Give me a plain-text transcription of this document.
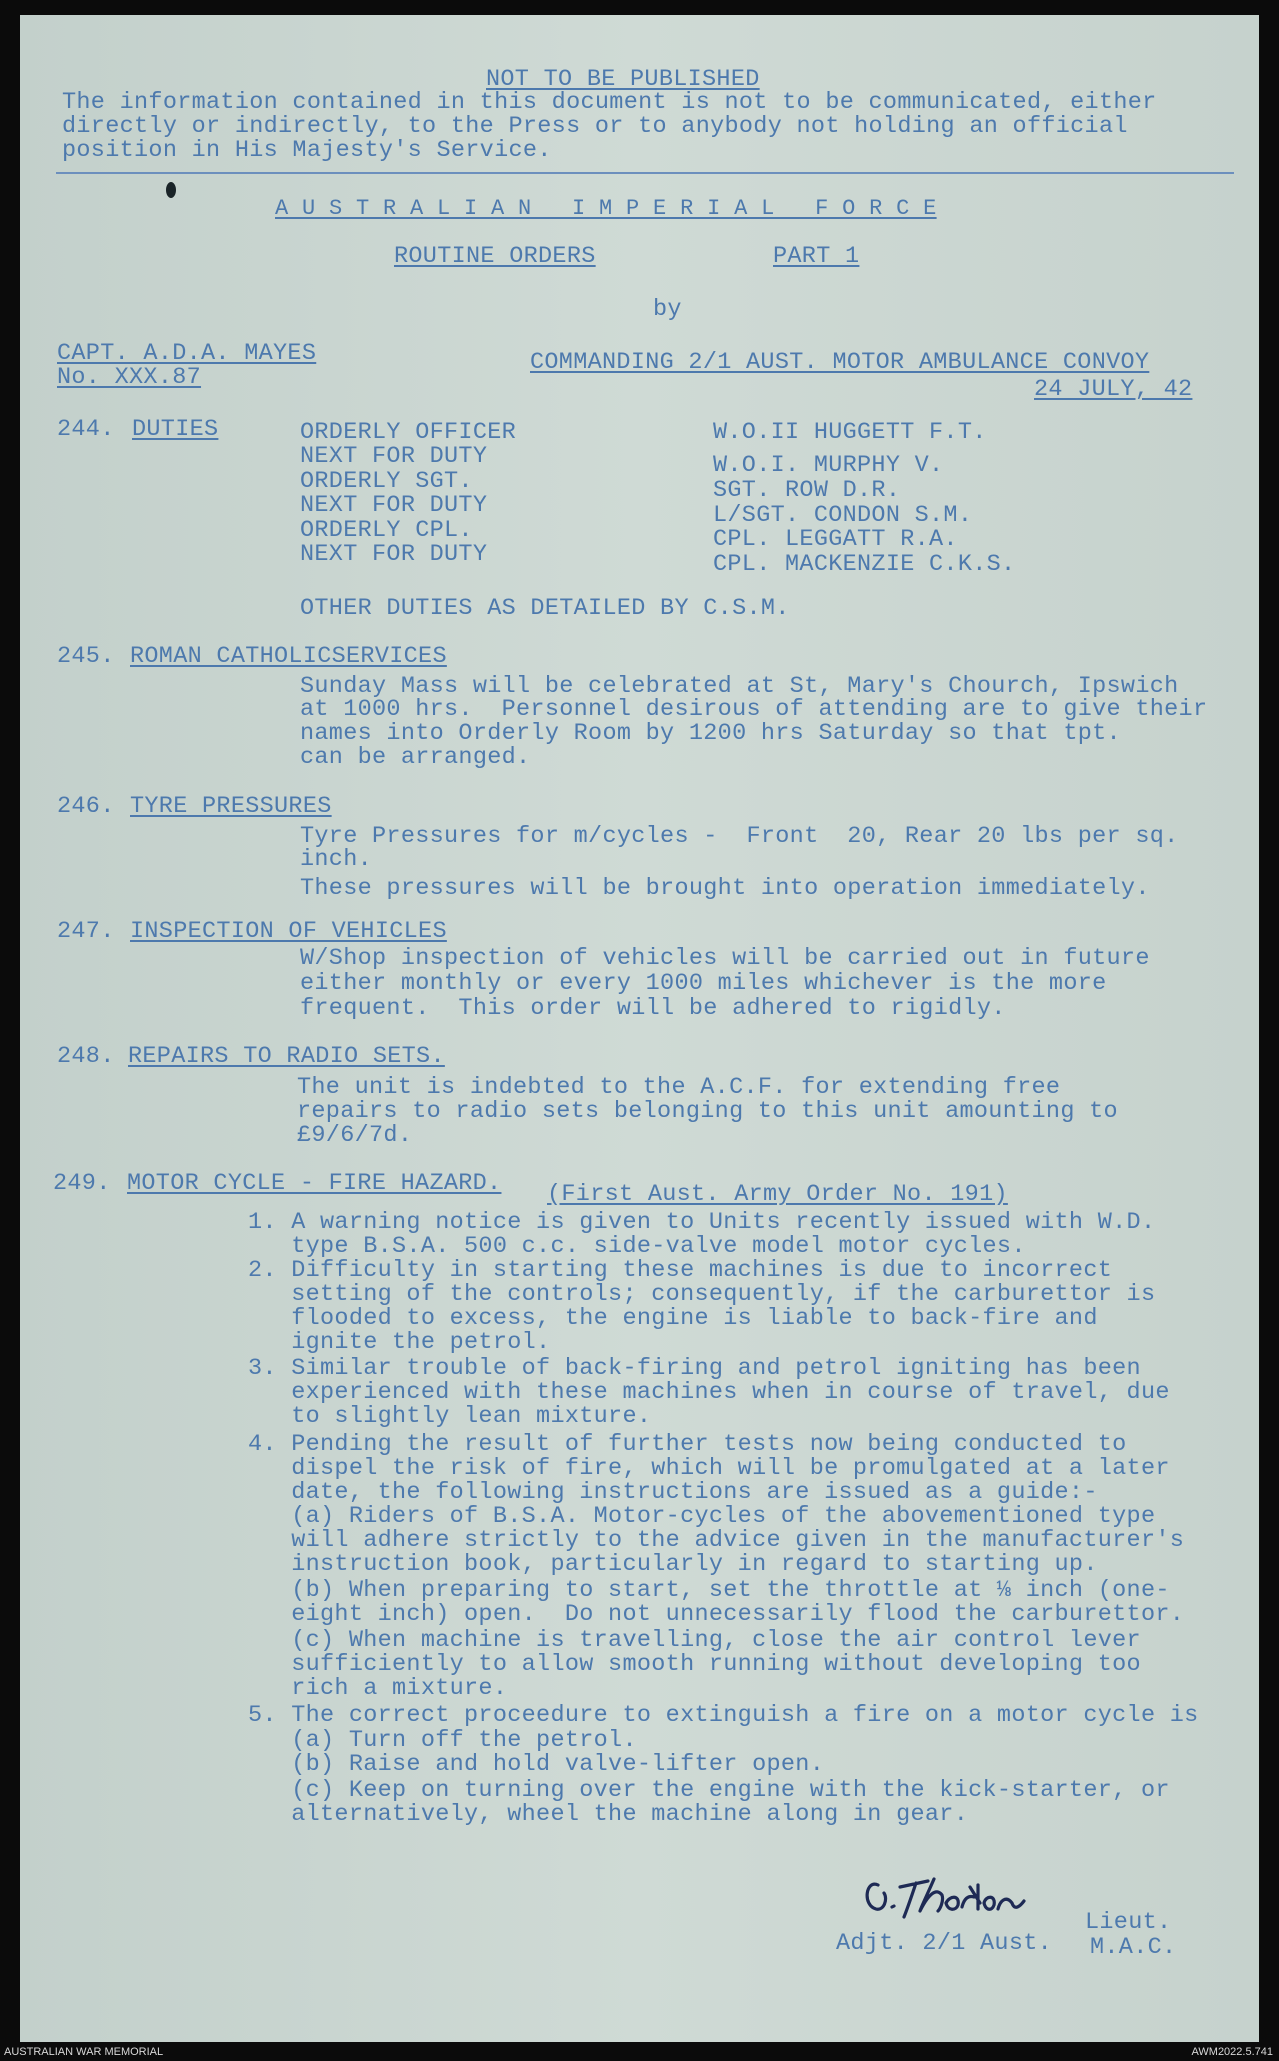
NOT TO BE PUBLISHED
The information contained in this document is not to be communicated, either
directly or indirectly, to the Press or to anybody not holding an official
position in His Majesty's Service.
A U S T R A L I A N   I M P E R I A L   F O R C E
ROUTINE ORDERS	PART 1
by
CAPT. A.D.A. MAYES	COMMANDING 2/1 AUST. MOTOR AMBULANCE CONVOY
No. XXX.87	24 JULY, 42
244. DUTIES	ORDERLY OFFICER	W.O.II HUGGETT F.T.
NEXT FOR DUTY	W.O.I. MURPHY V.
ORDERLY SGT.	SGT. ROW D.R.
NEXT FOR DUTY	L/SGT. CONDON S.M.
ORDERLY CPL.	CPL. LEGGATT R.A.
NEXT FOR DUTY	CPL. MACKENZIE C.K.S.
OTHER DUTIES AS DETAILED BY C.S.M.
245. ROMAN CATHOLICSERVICES
Sunday Mass will be celebrated at St, Mary's Chourch, Ipswich
at 1000 hrs.  Personnel desirous of attending are to give their
names into Orderly Room by 1200 hrs Saturday so that tpt.
can be arranged.
246. TYRE PRESSURES
Tyre Pressures for m/cycles -  Front  20, Rear 20 lbs per sq.
inch.
These pressures will be brought into operation immediately.
247. INSPECTION OF VEHICLES
W/Shop inspection of vehicles will be carried out in future
either monthly or every 1000 miles whichever is the more
frequent.  This order will be adhered to rigidly.
248. REPAIRS TO RADIO SETS.
The unit is indebted to the A.C.F. for extending free
repairs to radio sets belonging to this unit amounting to
£9/6/7d.
249. MOTOR CYCLE - FIRE HAZARD. (First Aust. Army Order No. 191)
1. A warning notice is given to Units recently issued with W.D.
type B.S.A. 500 c.c. side-valve model motor cycles.
2. Difficulty in starting these machines is due to incorrect
setting of the controls; consequently, if the carburettor is
flooded to excess, the engine is liable to back-fire and
ignite the petrol.
3. Similar trouble of back-firing and petrol igniting has been
experienced with these machines when in course of travel, due
to slightly lean mixture.
4. Pending the result of further tests now being conducted to
dispel the risk of fire, which will be promulgated at a later
date, the following instructions are issued as a guide:-
(a) Riders of B.S.A. Motor-cycles of the abovementioned type
will adhere strictly to the advice given in the manufacturer's
instruction book, particularly in regard to starting up.
(b) When preparing to start, set the throttle at ⅛ inch (one-
eight inch) open.  Do not unnecessarily flood the carburettor.
(c) When machine is travelling, close the air control lever
sufficiently to allow smooth running without developing too
rich a mixture.
5. The correct proceedure to extinguish a fire on a motor cycle is
(a) Turn off the petrol.
(b) Raise and hold valve-lifter open.
(c) Keep on turning over the engine with the kick-starter, or
alternatively, wheel the machine along in gear.
Lieut.
Adjt. 2/1 Aust. M.A.C.
AUSTRALIAN WAR MEMORIAL	AWM2022.5.741
